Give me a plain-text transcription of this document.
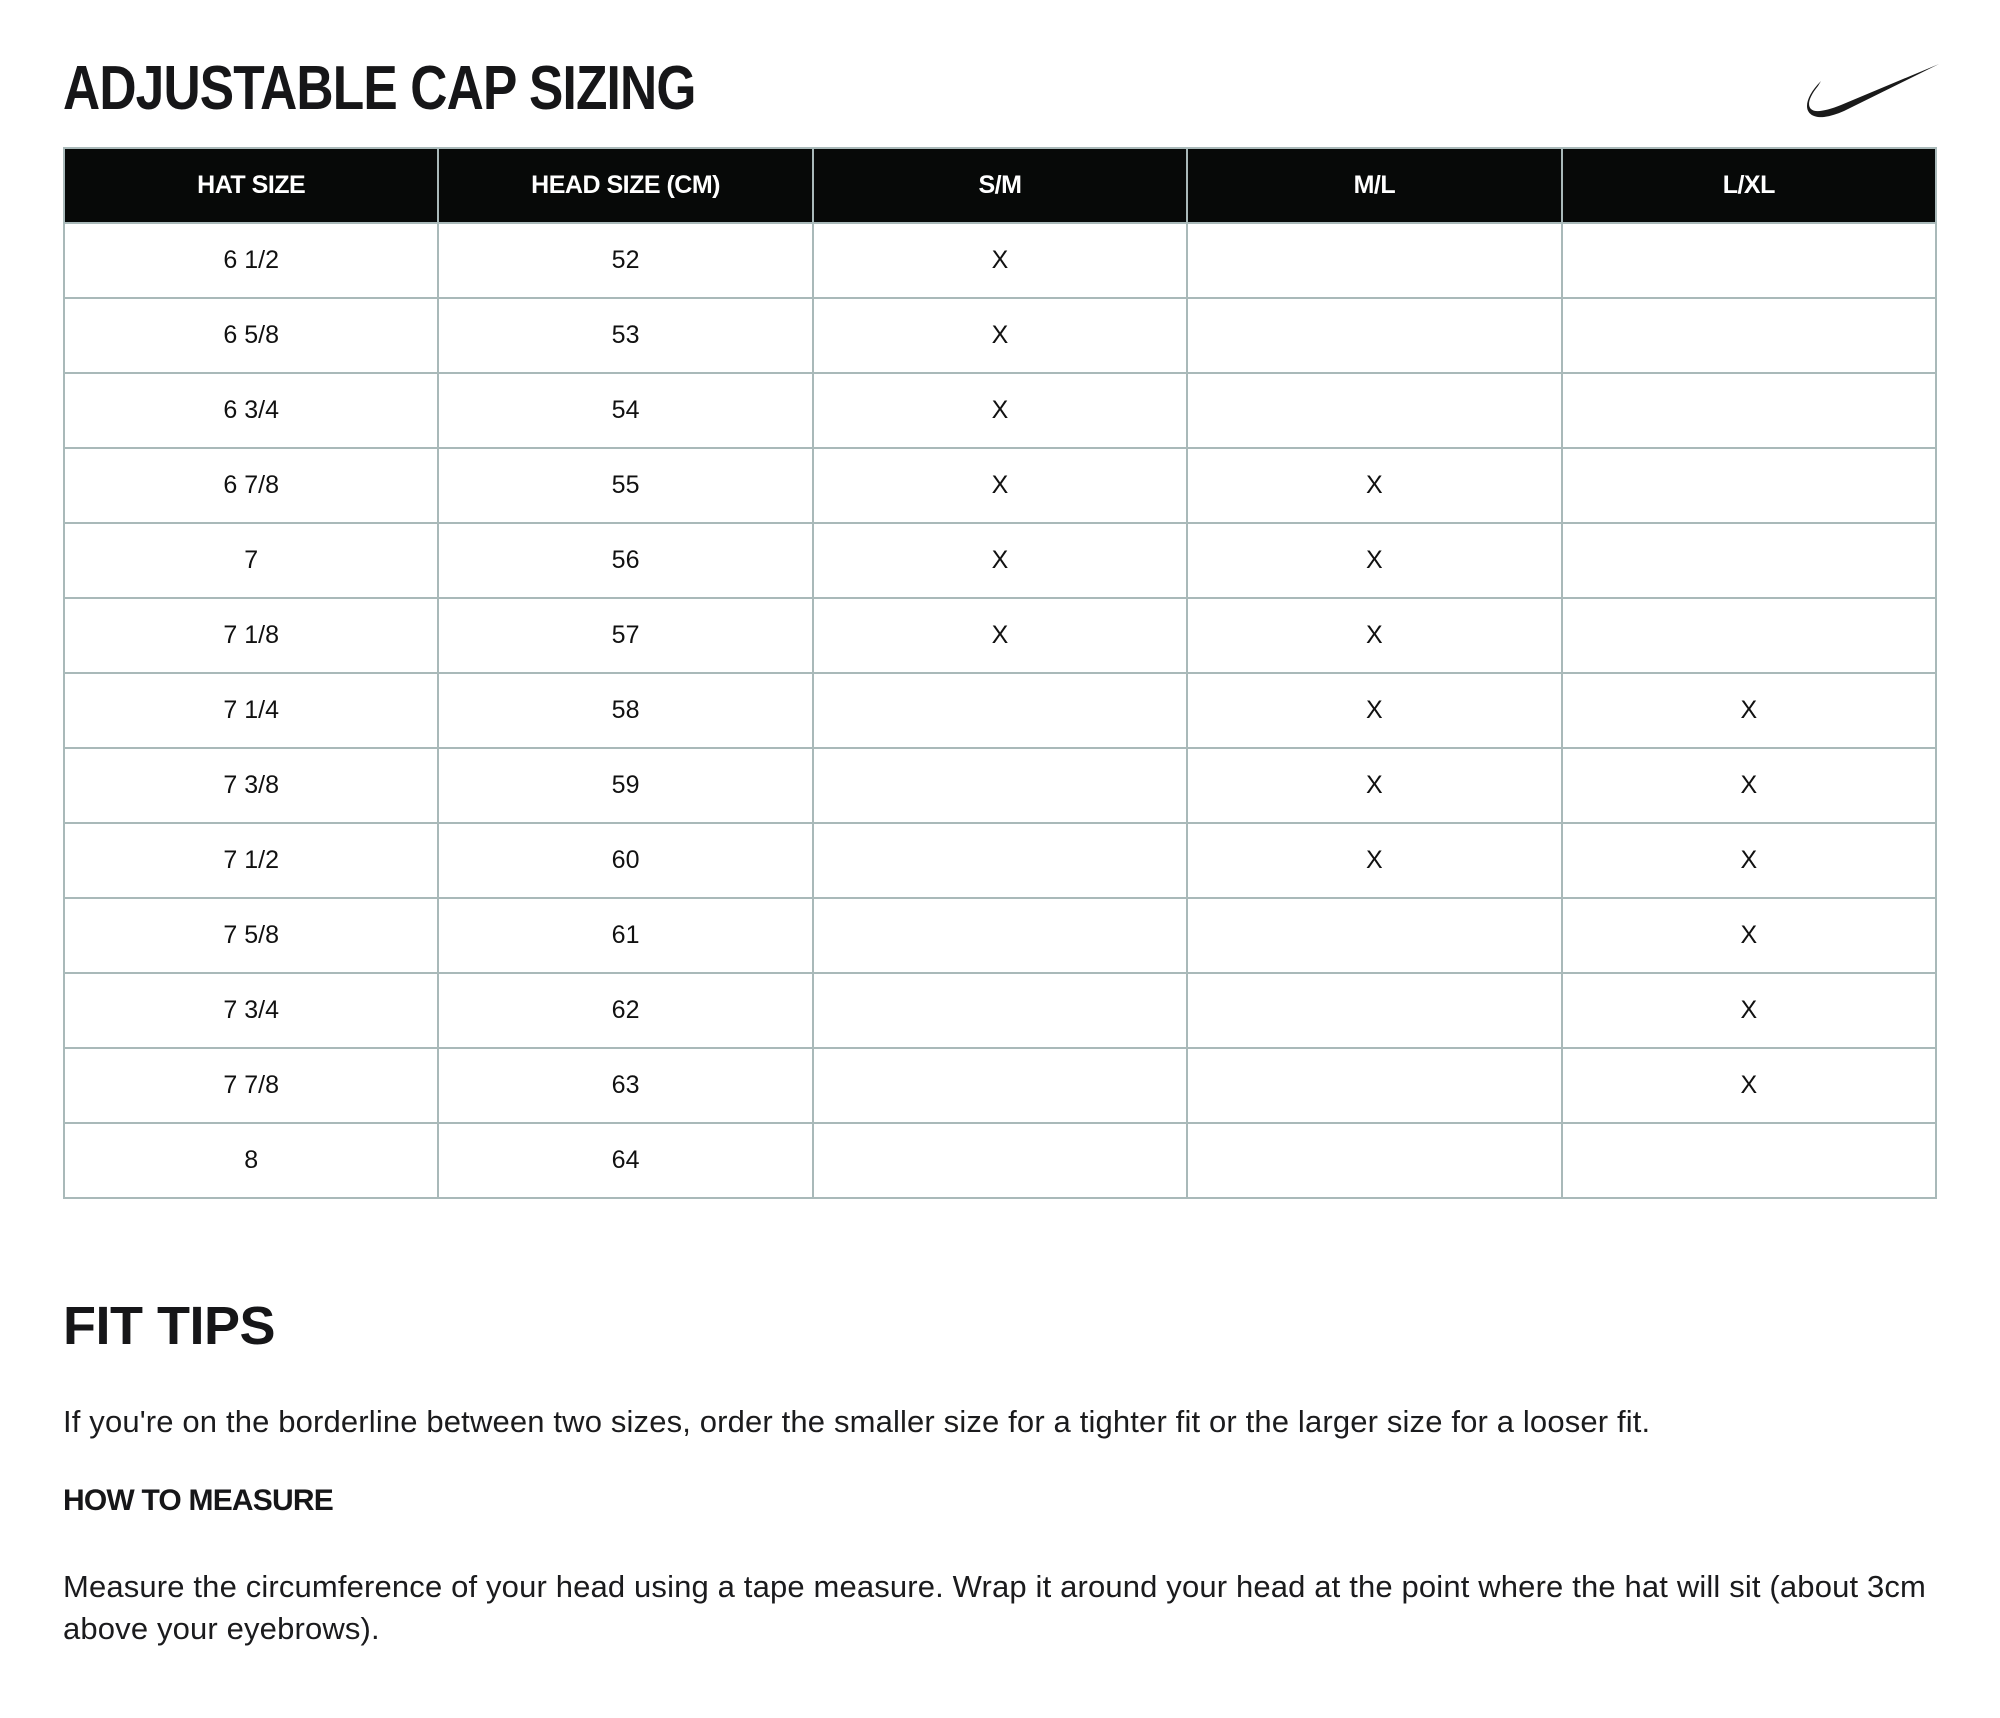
ADJUSTABLE CAP SIZING
HAT SIZE	HEAD SIZE (CM)	S/M	M/L	L/XL
6 1/2	52	X		
6 5/8	53	X		
6 3/4	54	X		
6 7/8	55	X	X	
7	56	X	X	
7 1/8	57	X	X	
7 1/4	58		X	X
7 3/8	59		X	X
7 1/2	60		X	X
7 5/8	61			X
7 3/4	62			X
7 7/8	63			X
8	64			
FIT TIPS

If you're on the borderline between two sizes, order the smaller size for a tighter fit or the larger size for a looser fit.

HOW TO MEASURE

Measure the circumference of your head using a tape measure. Wrap it around your head at the point where the hat will sit (about 3cm above your eyebrows).
